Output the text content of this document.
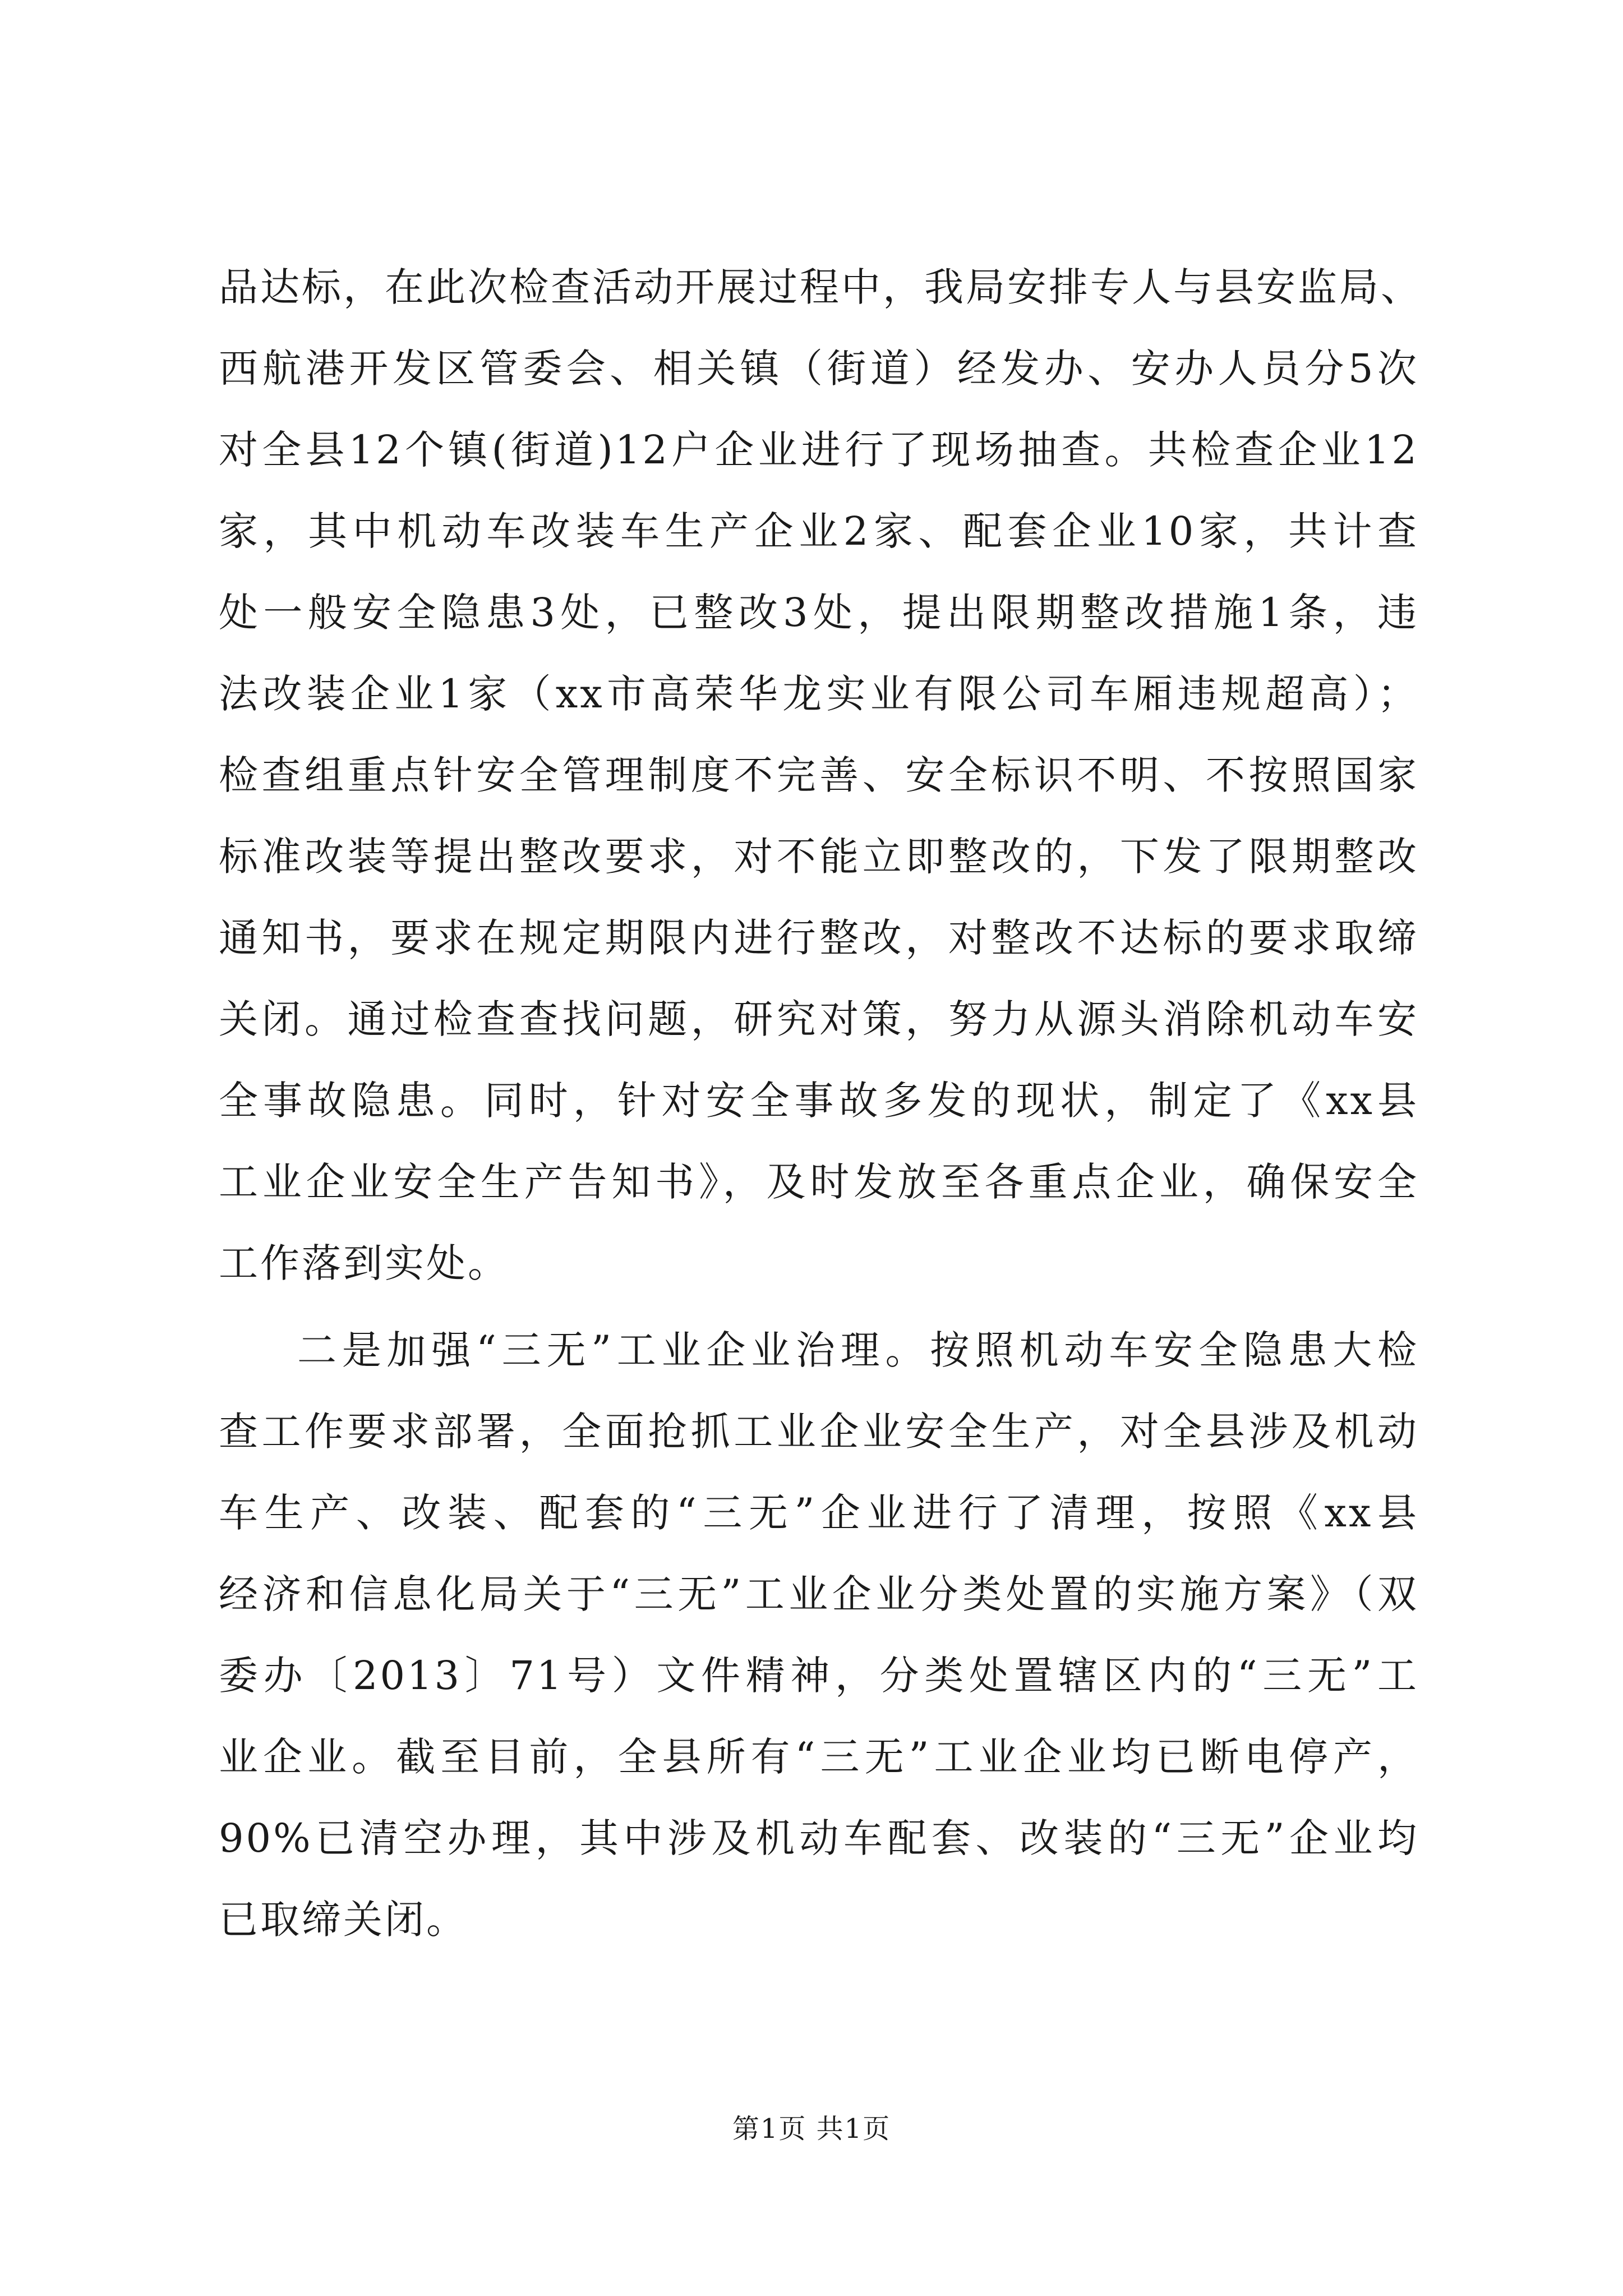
品达标，在此次检查活动开展过程中，我局安排专人与县安监局、
西航港开发区管委会、相关镇（街道）经发办、安办人员分5次
对全县12个镇(街道)12户企业进行了现场抽查。共检查企业12
家，其中机动车改装车生产企业2家、配套企业10家，共计查
处一般安全隐患3处，已整改3处，提出限期整改措施1条，违
法改装企业1家（xx市高荣华龙实业有限公司车厢违规超高）；
检查组重点针安全管理制度不完善、安全标识不明、不按照国家
标准改装等提出整改要求，对不能立即整改的，下发了限期整改
通知书，要求在规定期限内进行整改，对整改不达标的要求取缔
关闭。通过检查查找问题，研究对策，努力从源头消除机动车安
全事故隐患。同时，针对安全事故多发的现状，制定了《xx县
工业企业安全生产告知书》，及时发放至各重点企业，确保安全
工作落到实处。
二是加强“三无”工业企业治理。按照机动车安全隐患大检
查工作要求部署，全面抢抓工业企业安全生产，对全县涉及机动
车生产、改装、配套的“三无”企业进行了清理，按照《xx县
经济和信息化局关于“三无”工业企业分类处置的实施方案》（双
委办〔2013〕71号）文件精神，分类处置辖区内的“三无”工
业企业。截至目前，全县所有“三无”工业企业均已断电停产，
90%已清空办理，其中涉及机动车配套、改装的“三无”企业均
已取缔关闭。
第1页 共1页
